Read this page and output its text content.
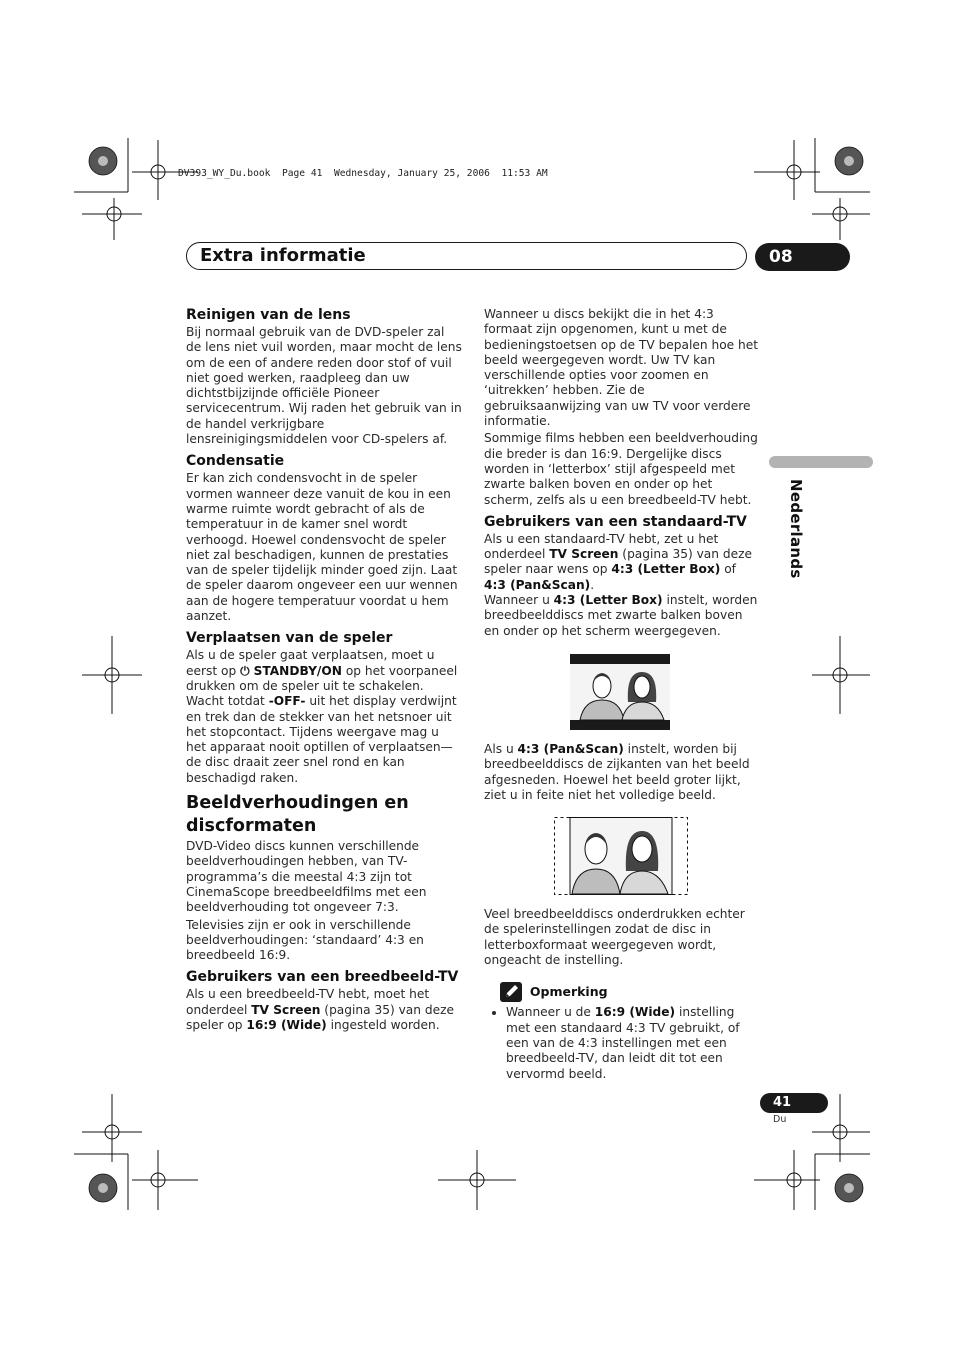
DV393_WY_Du.book  Page 41  Wednesday, January 25, 2006  11:53 AM
Extra informatie	08
Nederlands
Reinigen van de lens

Bij normaal gebruik van de DVD-speler zal de lens niet vuil worden, maar mocht de lens om de een of andere reden door stof of vuil niet goed werken, raadpleeg dan uw dichtstbijzijnde officiële Pioneer servicecentrum. Wij raden het gebruik van in de handel verkrijgbare lensreinigingsmiddelen voor CD-spelers af.

Condensatie

Er kan zich condensvocht in de speler vormen wanneer deze vanuit de kou in een warme ruimte wordt gebracht of als de temperatuur in de kamer snel wordt verhoogd. Hoewel condensvocht de speler niet zal beschadigen, kunnen de prestaties van de speler tijdelijk minder goed zijn. Laat de speler daarom ongeveer een uur wennen aan de hogere temperatuur voordat u hem aanzet.

Verplaatsen van de speler

Als u de speler gaat verplaatsen, moet u eerst op ⏻ STANDBY/ON op het voorpaneel drukken om de speler uit te schakelen. Wacht totdat -OFF- uit het display verdwijnt en trek dan de stekker van het netsnoer uit het stopcontact. Tijdens weergave mag u het apparaat nooit optillen of verplaatsen—de disc draait zeer snel rond en kan beschadigd raken.

Beeldverhoudingen en discformaten

DVD-Video discs kunnen verschillende beeldverhoudingen hebben, van TV-programma’s die meestal 4:3 zijn tot CinemaScope breedbeeldfilms met een beeldverhouding tot ongeveer 7:3.

Televisies zijn er ook in verschillende beeldverhoudingen: ‘standaard’ 4:3 en breedbeeld 16:9.

Gebruikers van een breedbeeld-TV

Als u een breedbeeld-TV hebt, moet het onderdeel TV Screen (pagina 35) van deze speler op 16:9 (Wide) ingesteld worden.

Wanneer u discs bekijkt die in het 4:3 formaat zijn opgenomen, kunt u met de bedieningstoetsen op de TV bepalen hoe het beeld weergegeven wordt. Uw TV kan verschillende opties voor zoomen en ‘uitrekken’ hebben. Zie de gebruiksaanwijzing van uw TV voor verdere informatie.

Sommige films hebben een beeldverhouding die breder is dan 16:9. Dergelijke discs worden in ‘letterbox’ stijl afgespeeld met zwarte balken boven en onder op het scherm, zelfs als u een breedbeeld-TV hebt.

Gebruikers van een standaard-TV

Als u een standaard-TV hebt, zet u het onderdeel TV Screen (pagina 35) van deze speler naar wens op 4:3 (Letter Box) of 4:3 (Pan&Scan).

Wanneer u 4:3 (Letter Box) instelt, worden breedbeelddiscs met zwarte balken boven en onder op het scherm weergegeven.

Als u 4:3 (Pan&Scan) instelt, worden bij breedbeelddiscs de zijkanten van het beeld afgesneden. Hoewel het beeld groter lijkt, ziet u in feite niet het volledige beeld.

Veel breedbeelddiscs onderdrukken echter de spelerinstellingen zodat de disc in letterboxformaat weergegeven wordt, ongeacht de instelling.

Opmerking
• Wanneer u de 16:9 (Wide) instelling met een standaard 4:3 TV gebruikt, of een van de 4:3 instellingen met een breedbeeld-TV, dan leidt dit tot een vervormd beeld.
41
Du
